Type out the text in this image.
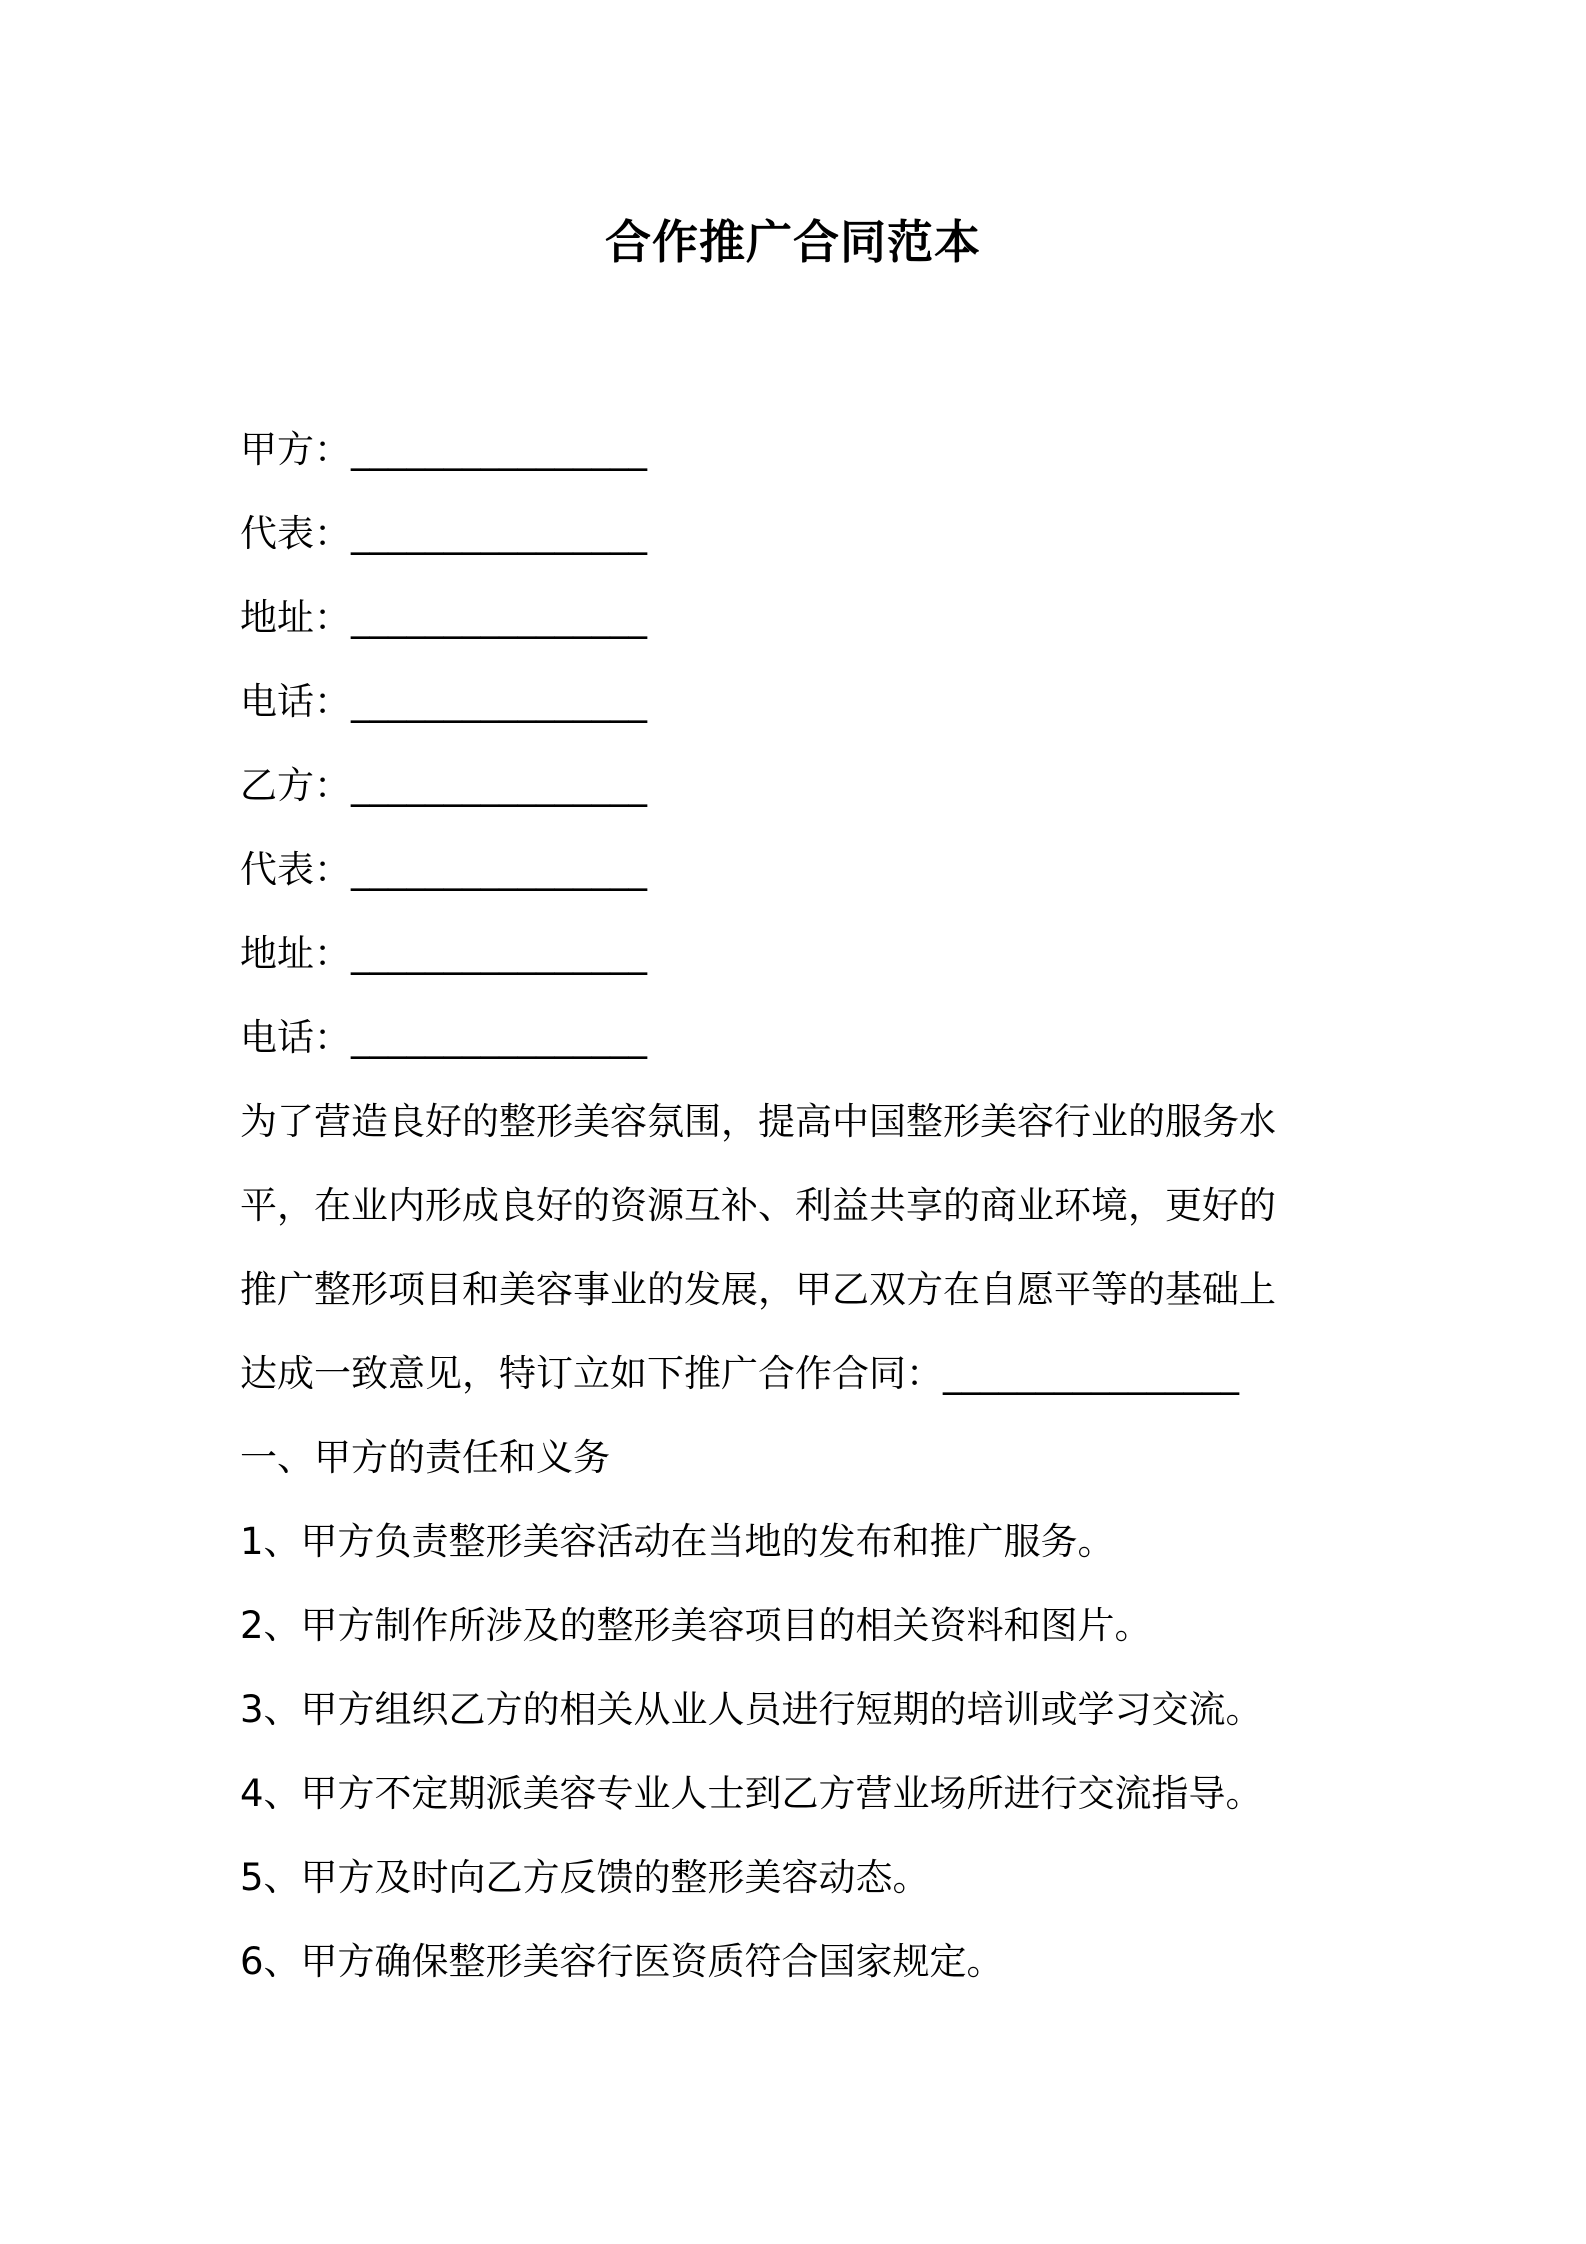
合作推广合同范本
甲方：________________
代表：________________
地址：________________
电话：________________
乙方：________________
代表：________________
地址：________________
电话：________________
为了营造良好的整形美容氛围，提高中国整形美容行业的服务水
平，在业内形成良好的资源互补、利益共享的商业环境，更好的
推广整形项目和美容事业的发展，甲乙双方在自愿平等的基础上
达成一致意见，特订立如下推广合作合同：________________
一、甲方的责任和义务
1、甲方负责整形美容活动在当地的发布和推广服务。
2、甲方制作所涉及的整形美容项目的相关资料和图片。
3、甲方组织乙方的相关从业人员进行短期的培训或学习交流。
4、甲方不定期派美容专业人士到乙方营业场所进行交流指导。
5、甲方及时向乙方反馈的整形美容动态。
6、甲方确保整形美容行医资质符合国家规定。
